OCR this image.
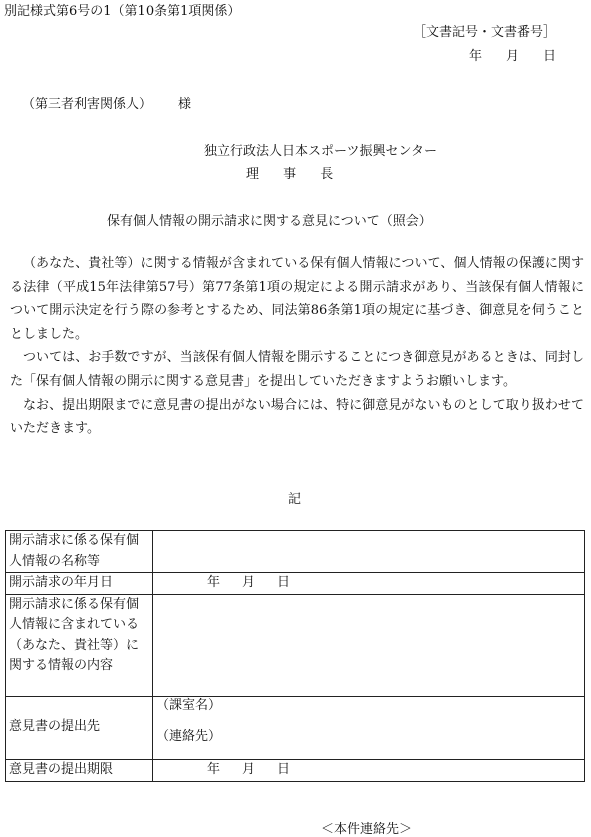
別記様式第6号の1（第10条第1項関係）
［文書記号・文書番号］
年 月 日
（第三者利害関係人） 様
独立行政法人日本スポーツ振興センター
理 事 長
保有個人情報の開示請求に関する意見について（照会）

（あなた、貴社等）に関する情報が含まれている保有個人情報について、個人情報の保護に関する法律（平成15年法律第57号）第77条第1項の規定による開示請求があり、当該保有個人情報について開示決定を行う際の参考とするため、同法第86条第1項の規定に基づき、御意見を伺うこととしました。

ついては、お手数ですが、当該保有個人情報を開示することにつき御意見があるときは、同封した「保有個人情報の開示に関する意見書」を提出していただきますようお願いします。

なお、提出期限までに意見書の提出がない場合には、特に御意見がないものとして取り扱わせていただきます。

記
開示請求に係る保有個人情報の名称等	
開示請求の年月日	年 月 日
開示請求に係る保有個人情報に含まれている（あなた、貴社等）に関する情報の内容	
意見書の提出先	（課室名）
（連絡先）

意見書の提出期限	年 月 日
＜本件連絡先＞
